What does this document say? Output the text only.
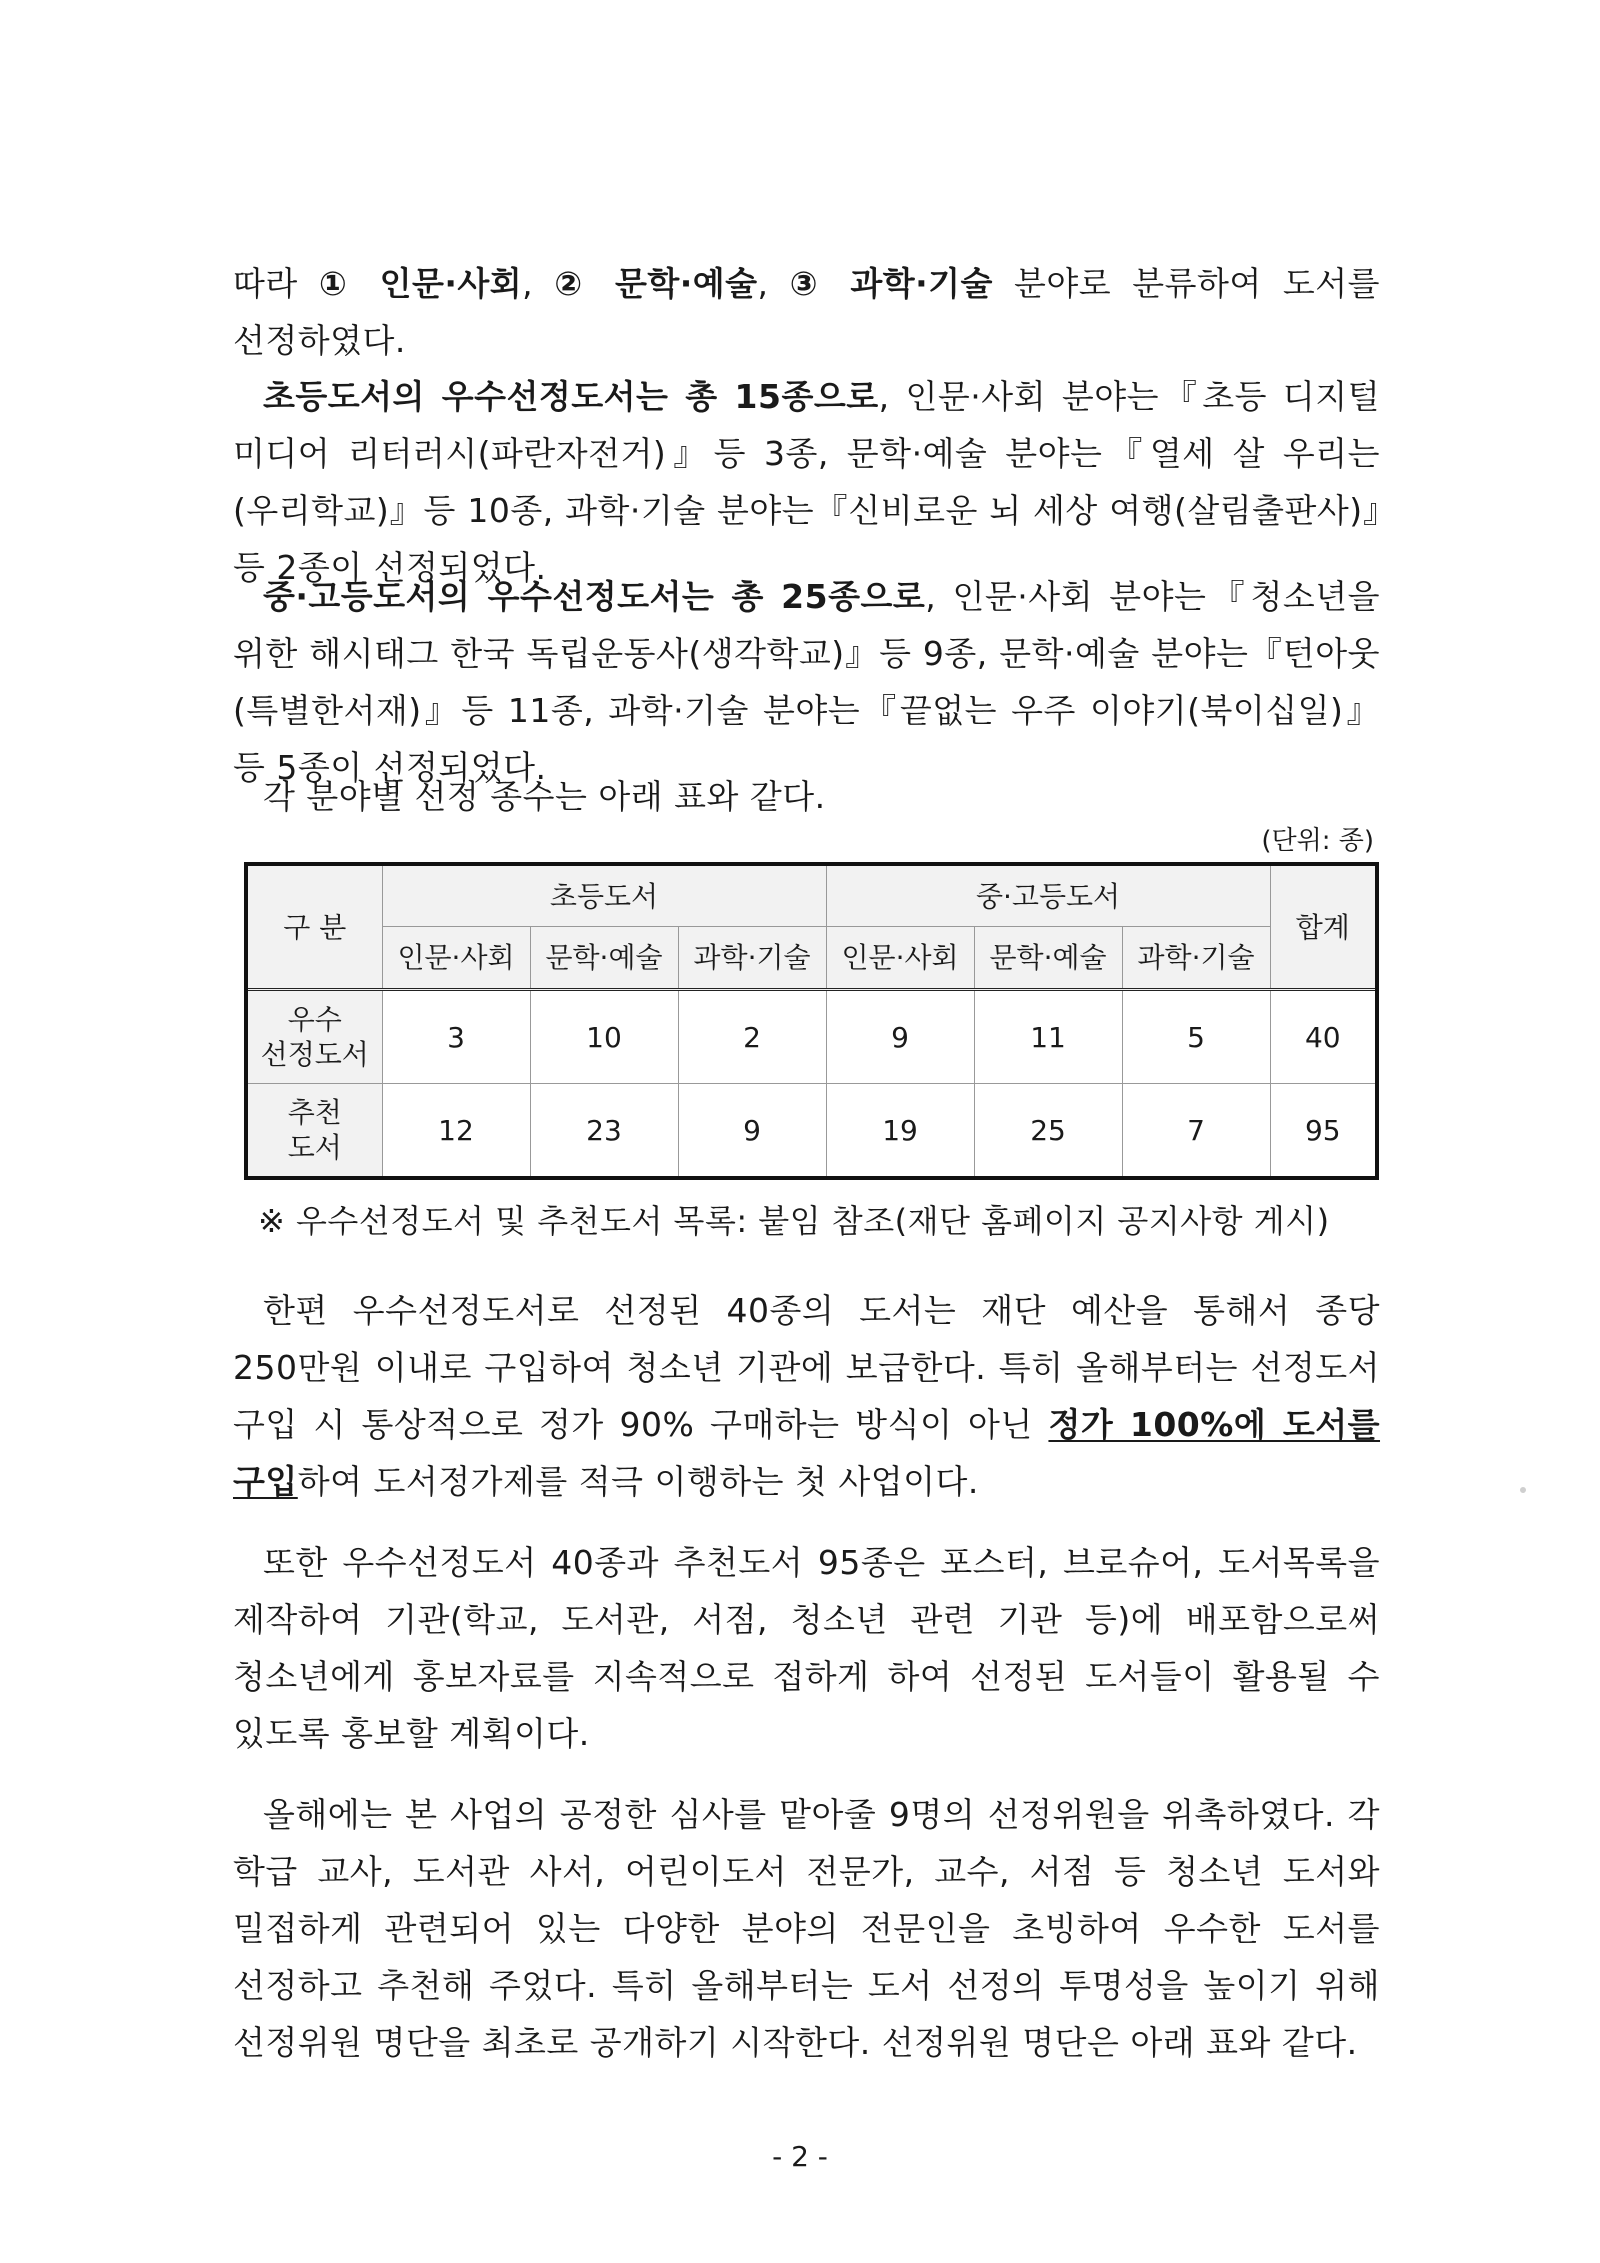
따라 ① 인문·사회, ② 문학·예술, ③ 과학·기술 분야로 분류하여 도서를 선정하였다.
초등도서의 우수선정도서는 총 15종으로, 인문·사회 분야는『초등 디지털 미디어 리터러시(파란자전거)』등 3종, 문학·예술 분야는『열세 살 우리는(우리학교)』등 10종, 과학·기술 분야는『신비로운 뇌 세상 여행(살림출판사)』등 2종이 선정되었다.
중·고등도서의 우수선정도서는 총 25종으로, 인문·사회 분야는『청소년을 위한 해시태그 한국 독립운동사(생각학교)』등 9종, 문학·예술 분야는『턴아웃(특별한서재)』등 11종, 과학·기술 분야는『끝없는 우주 이야기(북이십일)』등 5종이 선정되었다.
각 분야별 선정 종수는 아래 표와 같다.
(단위: 종)
구 분	초등도서			중·고등도서			합계
	인문·사회	문학·예술	과학·기술	인문·사회	문학·예술	과학·기술	
우수
선정도서	3	10	2	9	11	5	40
추천
도서	12	23	9	19	25	7	95
※ 우수선정도서 및 추천도서 목록: 붙임 참조(재단 홈페이지 공지사항 게시)
한편 우수선정도서로 선정된 40종의 도서는 재단 예산을 통해서 종당 250만원 이내로 구입하여 청소년 기관에 보급한다. 특히 올해부터는 선정도서 구입 시 통상적으로 정가 90% 구매하는 방식이 아닌 정가 100%에 도서를 구입하여 도서정가제를 적극 이행하는 첫 사업이다.
또한 우수선정도서 40종과 추천도서 95종은 포스터, 브로슈어, 도서목록을 제작하여 기관(학교, 도서관, 서점, 청소년 관련 기관 등)에 배포함으로써 청소년에게 홍보자료를 지속적으로 접하게 하여 선정된 도서들이 활용될 수 있도록 홍보할 계획이다.
올해에는 본 사업의 공정한 심사를 맡아줄 9명의 선정위원을 위촉하였다. 각 학급 교사, 도서관 사서, 어린이도서 전문가, 교수, 서점 등 청소년 도서와 밀접하게 관련되어 있는 다양한 분야의 전문인을 초빙하여 우수한 도서를 선정하고 추천해 주었다. 특히 올해부터는 도서 선정의 투명성을 높이기 위해 선정위원 명단을 최초로 공개하기 시작한다. 선정위원 명단은 아래 표와 같다.
- 2 -
